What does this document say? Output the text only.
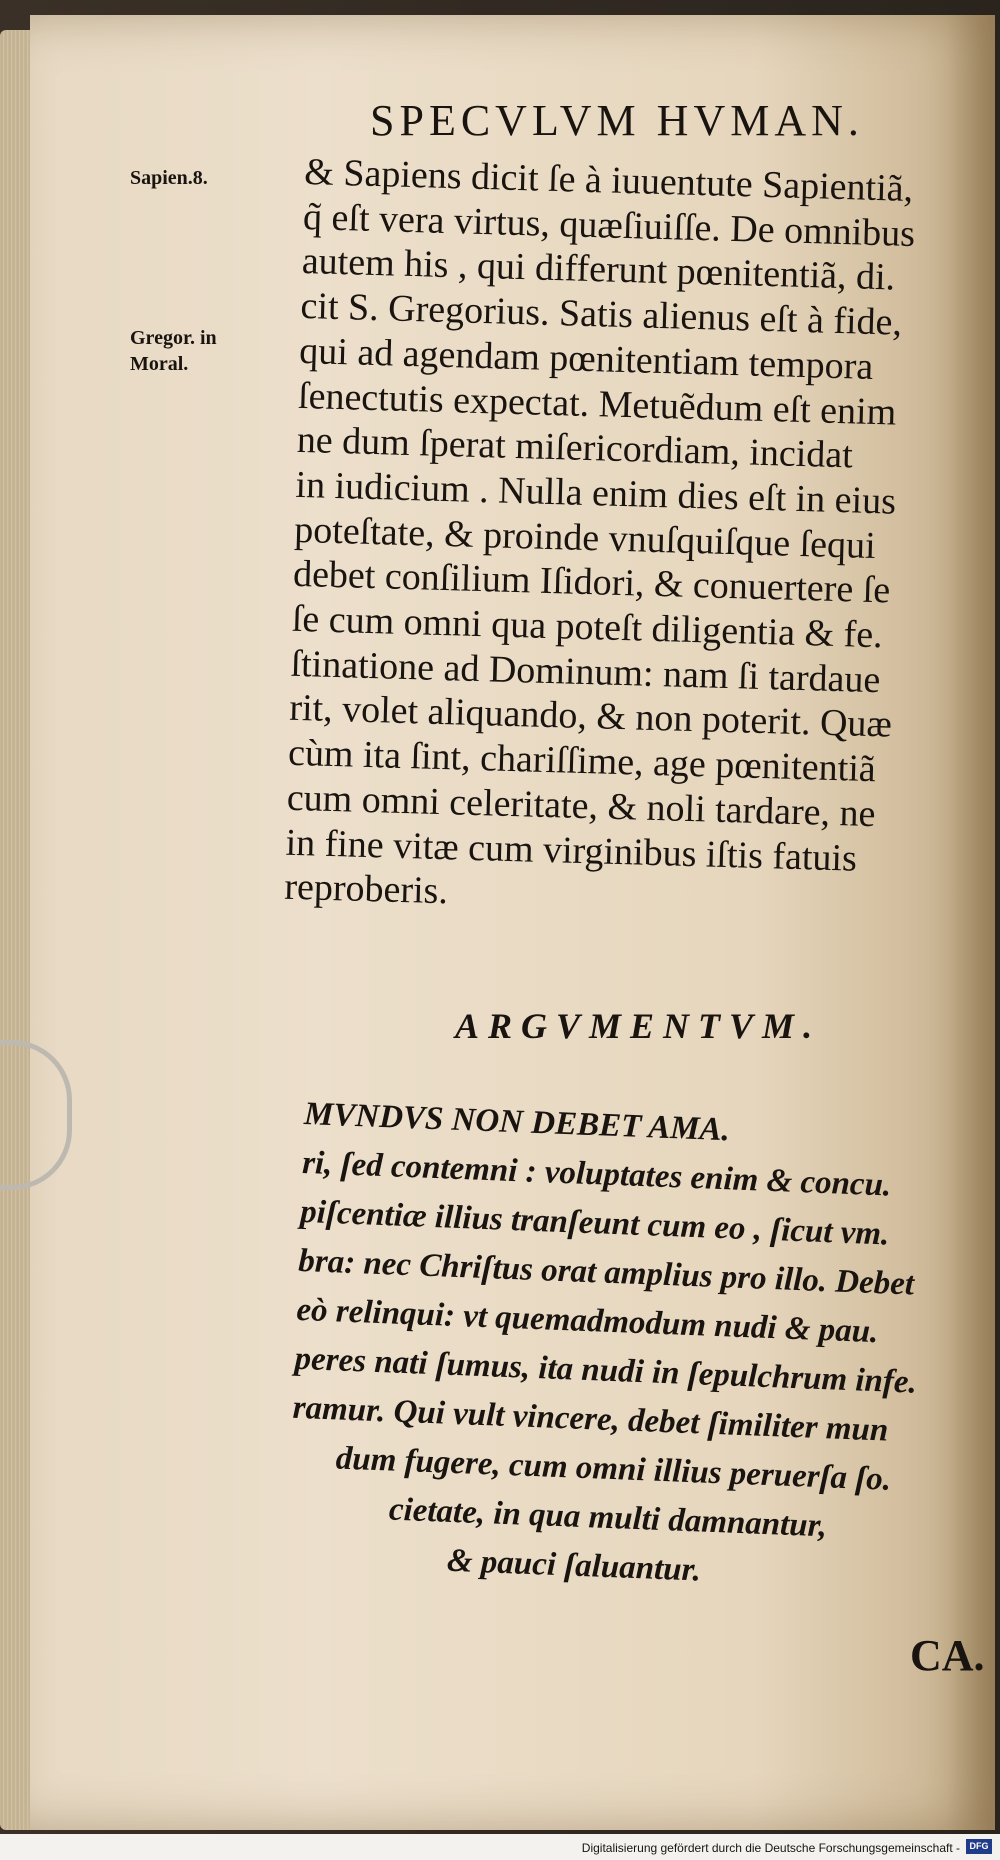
SPECVLVM HVMAN.
Sapien.8.
Gregor. in Moral.
& Sapiens dicit ſe à iuuentute Sapientiã,
q̃ eſt vera virtus, quæſiuiſſe. De omnibus
autem his , qui differunt pœnitentiã, di.
cit S. Gregorius. Satis alienus eſt à fide,
qui ad agendam pœnitentiam tempora
ſenectutis expectat. Metuẽdum eſt enim
ne dum ſperat miſericordiam, incidat
in iudicium . Nulla enim dies eſt in eius
poteſtate, & proinde vnuſquiſque ſequi
debet conſilium Iſidori, & conuertere ſe
ſe cum omni qua poteſt diligentia & fe.
ſtinatione ad Dominum: nam ſi tardaue
rit, volet aliquando, & non poterit. Quæ
cùm ita ſint, chariſſime, age pœnitentiã
cum omni celeritate, & noli tardare, ne
in fine vitæ cum virginibus iſtis fatuis
reproberis.
ARGVMENTVM.
MVNDVS NON DEBET AMA.
ri, ſed contemni : voluptates enim & concu.
piſcentiæ illius tranſeunt cum eo , ſicut vm.
bra: nec Chriſtus orat amplius pro illo. Debet
eò relinqui: vt quemadmodum nudi & pau.
peres nati ſumus, ita nudi in ſepulchrum infe.
ramur. Qui vult vincere, debet ſimiliter mun
dum fugere, cum omni illius peruerſa ſo.
cietate, in qua multi damnantur,
& pauci ſaluantur.
CA.
Digitalisierung gefördert durch die Deutsche Forschungsgemeinschaft -	DFG
